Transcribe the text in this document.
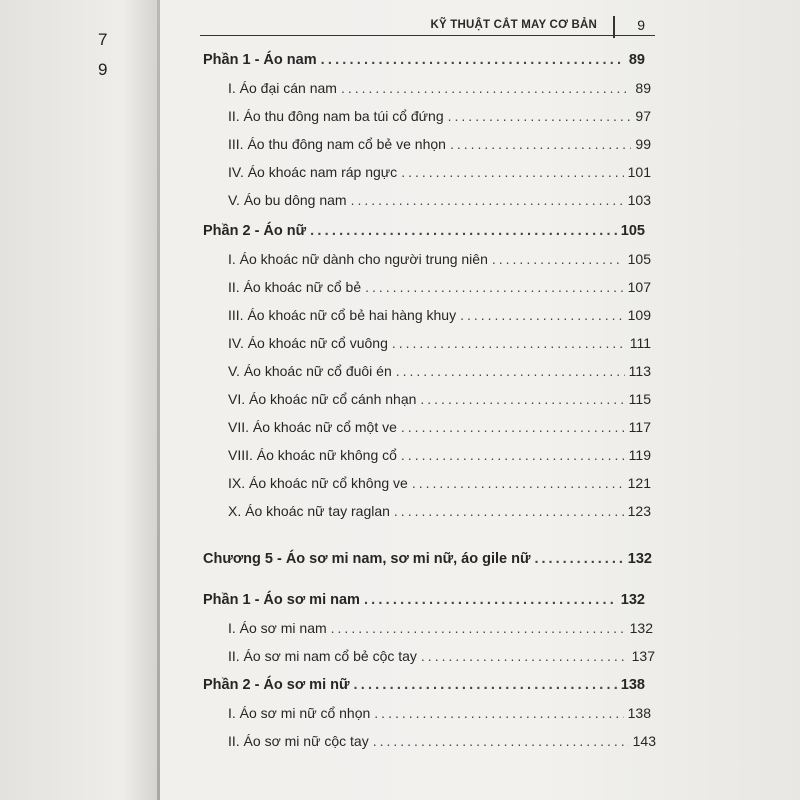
7
9
KỸ THUẬT CẮT MAY CƠ BẢN	9
Phần 1 - Áo nam .....	89
I. Áo đại cán nam .....	89
II. Áo thu đông nam ba túi cổ đứng .....	97
III. Áo thu đông nam cổ bẻ ve nhọn .....	99
IV. Áo khoác nam ráp ngực .....	101
V. Áo bu dông nam .....	103
Phần 2 - Áo nữ .....	105
I. Áo khoác nữ dành cho người trung niên .....	105
II. Áo khoác nữ cổ bẻ .....	107
III. Áo khoác nữ cổ bẻ hai hàng khuy .....	109
IV. Áo khoác nữ cổ vuông .....	111
V. Áo khoác nữ cổ đuôi én .....	113
VI. Áo khoác nữ cổ cánh nhạn .....	115
VII. Áo khoác nữ cổ một ve .....	117
VIII. Áo khoác nữ không cổ .....	119
IX. Áo khoác nữ cổ không ve .....	121
X. Áo khoác nữ tay raglan .....	123
Chương 5 - Áo sơ mi nam, sơ mi nữ, áo gile nữ .....	132
Phần 1 - Áo sơ mi nam .....	132
I. Áo sơ mi nam .....	132
II. Áo sơ mi nam cổ bẻ cộc tay .....	137
Phần 2 - Áo sơ mi nữ .....	138
I. Áo sơ mi nữ cổ nhọn .....	138
II. Áo sơ mi nữ cộc tay .....	143
